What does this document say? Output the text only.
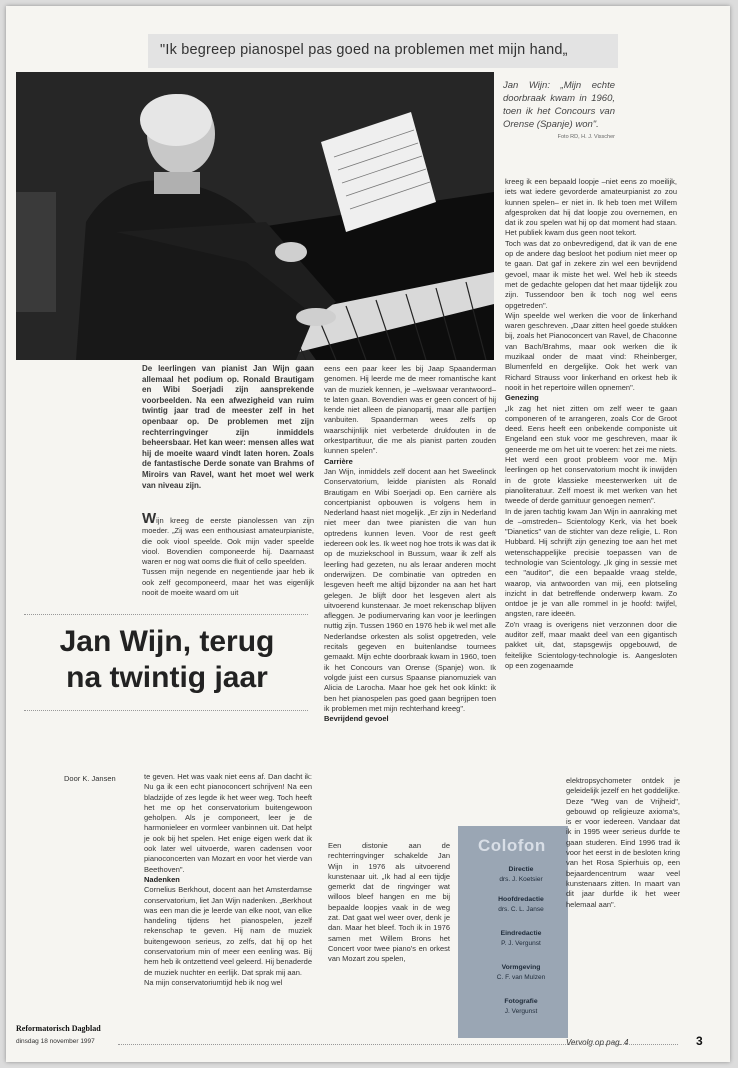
"Ik begreep pianospel pas goed na problemen met mijn hand„
Jan Wijn: „Mijn echte doorbraak kwam in 1960, toen ik het Concours van Orense (Spanje) won".
Foto RD, H. J. Visscher

De leerlingen van pianist Jan Wijn gaan allemaal het podium op. Ronald Brautigam en Wibi Soerjadi zijn aansprekende voorbeelden. Na een afwezigheid van ruim twintig jaar trad de meester zelf in het openbaar op. De problemen met zijn rechterringvinger zijn inmiddels beheersbaar. Het kan weer: mensen alles wat hij de moeite waard vindt laten horen. Zoals de fantastische Derde sonate van Brahms of Miroirs van Ravel, want het moet wel werk van niveau zijn.

Wijn kreeg de eerste pianolessen van zijn moeder. „Zij was een enthousiast amateurpianiste, die ook viool speelde. Ook mijn vader speelde viool. Bovendien componeerde hij. Daarnaast waren er nog wat ooms die fluit of cello speelden.

Tussen mijn negende en negentiende jaar heb ik ook zelf gecomponeerd, maar het was eigenlijk nooit de moeite waard om uit

eens een paar keer les bij Jaap Spaanderman genomen. Hij leerde me de meer romantische kant van de muziek kennen, je –welswaar verantwoord– te laten gaan. Bovendien was er geen concert of hij kende niet alleen de pianopartij, maar alle partijen vanbuiten. Spaanderman wees zelfs op waarschijnlijk niet verbeterde drukfouten in de orkestpartituur, die me als pianist parten zouden kunnen spelen".

Carrière

Jan Wijn, inmiddels zelf docent aan het Sweelinck Conservatorium, leidde pianisten als Ronald Brautigam en Wibi Soerjadi op. Een carrière als concertpianist opbouwen is volgens hem in Nederland haast niet mogelijk. „Er zijn in Nederland niet meer dan twee pianisten die van hun optredens kunnen leven. Voor de rest geeft iedereen ook les. Ik weet nog hoe trots ik was dat ik op de muziekschool in Bussum, waar ik zelf als leerling had gezeten, nu als leraar anderen mocht onderwijzen. De combinatie van optreden en lesgeven heeft me altijd bijzonder na aan het hart gelegen. Je blijft door het lesgeven alert als uitvoerend kunstenaar. Je moet rekenschap blijven afleggen. Je podiumervaring kan voor je leerlingen nuttig zijn. Tussen 1960 en 1976 heb ik wel met alle Nederlandse orkesten als solist opgetreden, vele recitals gegeven en buitenlandse tournees gemaakt. Mijn echte doorbraak kwam in 1960, toen ik het Concours van Orense (Spanje) won. Ik volgde juist een cursus Spaanse pianomuziek van Alicia de Larocha. Maar hoe gek het ook klinkt: ik ben het pianospelen pas goed gaan begrijpen toen ik problemen met mijn rechterhand kreeg".

Bevrijdend gevoel

kreeg ik een bepaald loopje –niet eens zo moeilijk, iets wat iedere gevorderde amateurpianist zo zou kunnen spelen– er niet in. Ik heb toen met Willem afgesproken dat hij dat loopje zou overnemen, en dat ik zou spelen wat hij op dat moment had staan. Het publiek kwam dus geen noot tekort.

Toch was dat zo onbevredigend, dat ik van de ene op de andere dag besloot het podium niet meer op te gaan. Dat gaf in zekere zin wel een bevrijdend gevoel, maar ik miste het wel. Wel heb ik steeds met de gedachte gelopen dat het maar tijdelijk zou zijn. Tussendoor ben ik toch nog wel eens opgetreden".

Wijn speelde wel werken die voor de linkerhand waren geschreven. „Daar zitten heel goede stukken bij, zoals het Pianoconcert van Ravel, de Chaconne van Bach/Brahms, maar ook werken die ik muzikaal onder de maat vind: Rheinberger, Blumenfeld en dergelijke. Ook het werk van Richard Strauss voor linkerhand en orkest heb ik nooit in het repertoire willen opnemen".

Genezing

„Ik zag het niet zitten om zelf weer te gaan componeren of te arrangeren, zoals Cor de Groot deed. Eens heeft een onbekende componiste uit Engeland een stuk voor me geschreven, maar ik geneerde me om het uit te voeren: het zei me niets. Het werd een groot probleem voor me. Mijn leerlingen op het conservatorium mocht ik inwijden in de grote klassieke meesterwerken uit de pianoliteratuur. Zelf moest ik met werken van het tweede of derde garnituur genoegen nemen".

In de jaren tachtig kwam Jan Wijn in aanraking met de –omstreden– Scientology Kerk, via het boek "Dianetics" van de stichter van deze religie, L. Ron Hubbard. Hij schrijft zijn genezing toe aan het met wetenschappelijke precisie toepassen van de technologie van Scientology. „Ik ging in sessie met een "auditor", die een bepaalde vraag stelde, waarop, via antwoorden van mij, een plotseling inzicht in dat betreffende onderwerp kwam. Zo ontdoe je je van alle rommel in je hoofd: twijfel, angsten, rare ideeën.

Zo'n vraag is overigens niet verzonnen door die auditor zelf, maar maakt deel van een gigantisch pakket uit, dat, stapsgewijs opgebouwd, de feitelijke Scientology-technologie is. Aangesloten op een zogenaamde

Jan Wijn, terug
na twintig jaar
Door K. Jansen	te geven. Het was vaak niet eens af. Dan dacht ik: Nu ga ik een echt pianoconcert schrijven! Na een bladzijde of zes legde ik het weer weg. Toch heeft het me op het conservatorium buitengewoon geholpen. Als je componeert, leer je de harmonieleer en vormleer vanbinnen uit. Dat helpt je ook bij het spelen. Het enige eigen werk dat ik ook later wel uitvoerde, waren cadensen voor pianoconcerten van Mozart en voor het vierde van Beethoven".

Nadenken

Cornelius Berkhout, docent aan het Amsterdamse conservatorium, liet Jan Wijn nadenken. „Berkhout was een man die je leerde van elke noot, van elke handeling tijdens het pianospelen, jezelf rekenschap te geven. Hij nam de muziek buitengewoon serieus, zo zelfs, dat hij op het conservatorium min of meer een eenling was. Bij hem heb ik ontzettend veel geleerd. Hij benaderde de muziek nuchter en eerlijk. Dat sprak mij aan.

Na mijn conservatoriumtijd heb ik nog wel

Een distonie aan de rechterringvinger schakelde Jan Wijn in 1976 als uitvoerend kunstenaar uit. „Ik had al een tijdje gemerkt dat de ringvinger wat willoos bleef hangen en me bij bepaalde loopjes vaak in de weg zat. Dat gaat wel weer over, denk je dan. Maar het bleef. Toch ik in 1976 samen met Willem Brons het Concert voor twee piano's en orkest van Mozart zou spelen,

Colofon
Directie
drs. J. Koetsier
Hoofdredactie
drs. C. L. Janse
Eindredactie
P. J. Vergunst
Vormgeving
C. F. van Mulzen
Fotografie
J. Vergunst

elektropsychometer ontdek je geleidelijk jezelf en het goddelijke. Deze "Weg van de Vrijheid", gebouwd op religieuze axioma's, is er voor iedereen. Vandaar dat ik in 1995 weer serieus durfde te gaan studeren. Eind 1996 trad ik voor het eerst in de besloten kring van het Rosa Spierhuis op, een bejaardencentrum waar veel kunstenaars zitten. In maart van dit jaar durfde ik het weer helemaal aan".

Vervolg op pag. 4
Reformatorisch Dagblad
dinsdag 18 november 1997	3
